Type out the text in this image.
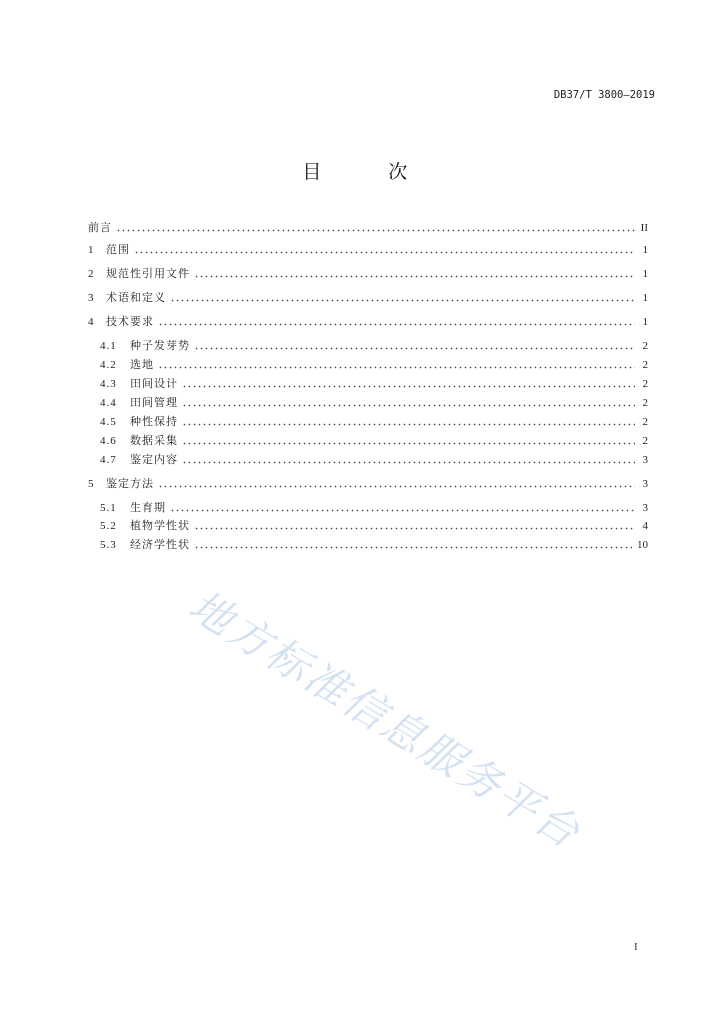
DB37/T 3800—2019
目 次
前言	II
1	范围	1
2	规范性引用文件	1
3	术语和定义	1
4	技术要求	1
4.1	种子发芽势	2
4.2	选地	2
4.3	田间设计	2
4.4	田间管理	2
4.5	种性保持	2
4.6	数据采集	2
4.7	鉴定内容	3
5	鉴定方法	3
5.1	生育期	3
5.2	植物学性状	4
5.3	经济学性状	10
地方标准信息服务平台
I
